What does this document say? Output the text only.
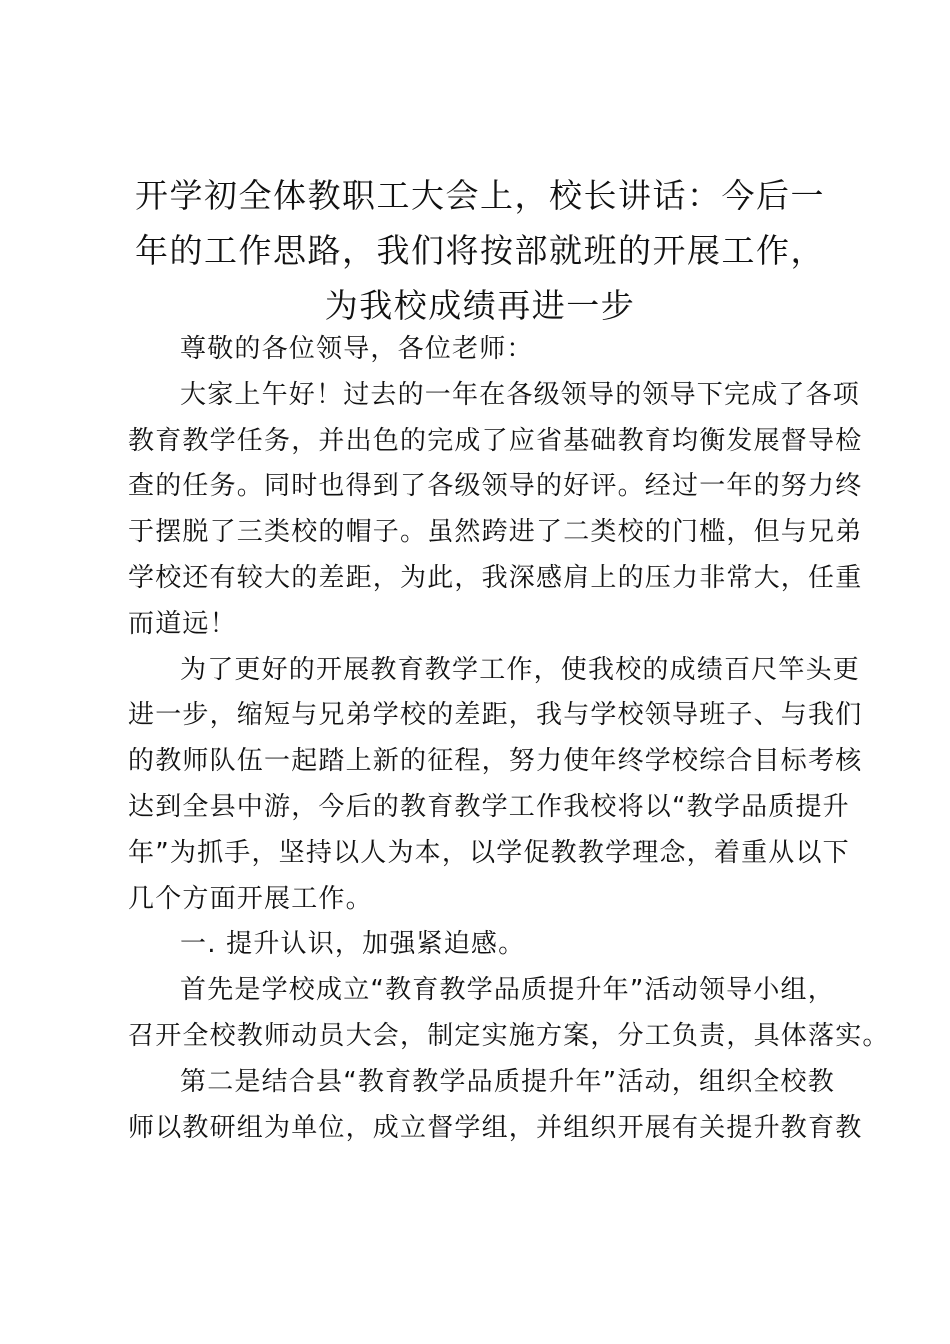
开学初全体教职工大会上，校长讲话：今后一
年的工作思路，我们将按部就班的开展工作，
为我校成绩再进一步
尊敬的各位领导，各位老师：
大家上午好！过去的一年在各级领导的领导下完成了各项
教育教学任务，并出色的完成了应省基础教育均衡发展督导检
查的任务。同时也得到了各级领导的好评。经过一年的努力终
于摆脱了三类校的帽子。虽然跨进了二类校的门槛，但与兄弟
学校还有较大的差距，为此，我深感肩上的压力非常大，任重
而道远！
为了更好的开展教育教学工作，使我校的成绩百尺竿头更
进一步，缩短与兄弟学校的差距，我与学校领导班子、与我们
的教师队伍一起踏上新的征程，努力使年终学校综合目标考核
达到全县中游，今后的教育教学工作我校将以“教学品质提升
年”为抓手，坚持以人为本，以学促教教学理念，着重从以下
几个方面开展工作。
一. 提升认识，加强紧迫感。
首先是学校成立“教育教学品质提升年”活动领导小组，
召开全校教师动员大会，制定实施方案，分工负责，具体落实。
第二是结合县“教育教学品质提升年”活动，组织全校教
师以教研组为单位，成立督学组，并组织开展有关提升教育教
